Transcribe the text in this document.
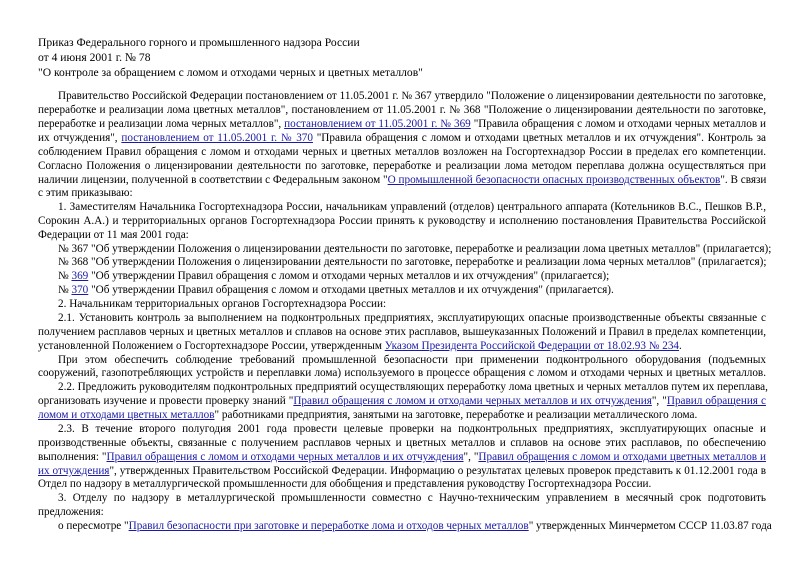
Приказ Федерального горного и промышленного надзора России
от 4 июня 2001 г. № 78
"О контроле за обращением с ломом и отходами черных и цветных металлов"
Правительство Российской Федерации постановлением от 11.05.2001 г. № 367 утвердило "Положение о лицензировании деятельности по заготовке,
переработке и реализации лома цветных металлов", постановлением от 11.05.2001 г. № 368 "Положение о лицензировании деятельности по заготовке,
переработке и реализации лома черных металлов", постановлением от 11.05.2001 г. № 369 "Правила обращения с ломом и отходами черных металлов и
их отчуждения", постановлением от 11.05.2001 г. № 370 "Правила обращения с ломом и отходами цветных металлов и их отчуждения". Контроль за
соблюдением Правил обращения с ломом и отходами черных и цветных металлов возложен на Госгортехнадзор России в пределах его компетенции.
Согласно Положения о лицензировании деятельности по заготовке, переработке и реализации лома методом переплава должна осуществляться при
наличии лицензии, полученной в соответствии с Федеральным законом "О промышленной безопасности опасных производственных объектов". В связи
с этим приказываю:
1. Заместителям Начальника Госгортехнадзора России, начальникам управлений (отделов) центрального аппарата (Котельников В.С., Пешков В.Р.,
Сорокин А.А.) и территориальных органов Госгортехнадзора России принять к руководству и исполнению постановления Правительства Российской
Федерации от 11 мая 2001 года:
№ 367 "Об утверждении Положения о лицензировании деятельности по заготовке, переработке и реализации лома цветных металлов" (прилагается);
№ 368 "Об утверждении Положения о лицензировании деятельности по заготовке, переработке и реализации лома черных металлов" (прилагается);
№ 369 "Об утверждении Правил обращения с ломом и отходами черных металлов и их отчуждения" (прилагается);
№ 370 "Об утверждении Правил обращения с ломом и отходами цветных металлов и их отчуждения" (прилагается).
2. Начальникам территориальных органов Госгортехнадзора России:
2.1. Установить контроль за выполнением на подконтрольных предприятиях, эксплуатирующих опасные производственные объекты связанные с
получением расплавов черных и цветных металлов и сплавов на основе этих расплавов, вышеуказанных Положений и Правил в пределах компетенции,
установленной Положением о Госгортехнадзоре России, утвержденным Указом Президента Российской Федерации от 18.02.93 № 234.
При этом обеспечить соблюдение требований промышленной безопасности при применении подконтрольного оборудования (подъемных
сооружений, газопотребляющих устройств и переплавки лома) используемого в процессе обращения с ломом и отходами черных и цветных металлов.
2.2. Предложить руководителям подконтрольных предприятий осуществляющих переработку лома цветных и черных металлов путем их переплава,
организовать изучение и провести проверку знаний "Правил обращения с ломом и отходами черных металлов и их отчуждения", "Правил обращения с
ломом и отходами цветных металлов" работниками предприятия, занятыми на заготовке, переработке и реализации металлического лома.
2.3. В течение второго полугодия 2001 года провести целевые проверки на подконтрольных предприятиях, эксплуатирующих опасные и
производственные объекты, связанные с получением расплавов черных и цветных металлов и сплавов на основе этих расплавов, по обеспечению
выполнения: "Правил обращения с ломом и отходами черных металлов и их отчуждения", "Правил обращения с ломом и отходами цветных металлов и
их отчуждения", утвержденных Правительством Российской Федерации. Информацию о результатах целевых проверок представить к 01.12.2001 года в
Отдел по надзору в металлургической промышленности для обобщения и представления руководству Госгортехнадзора России.
3. Отделу по надзору в металлургической промышленности совместно с Научно-техническим управлением в месячный срок подготовить
предложения:
о пересмотре "Правил безопасности при заготовке и переработке лома и отходов черных металлов" утвержденных Минчерметом СССР 11.03.87 года
